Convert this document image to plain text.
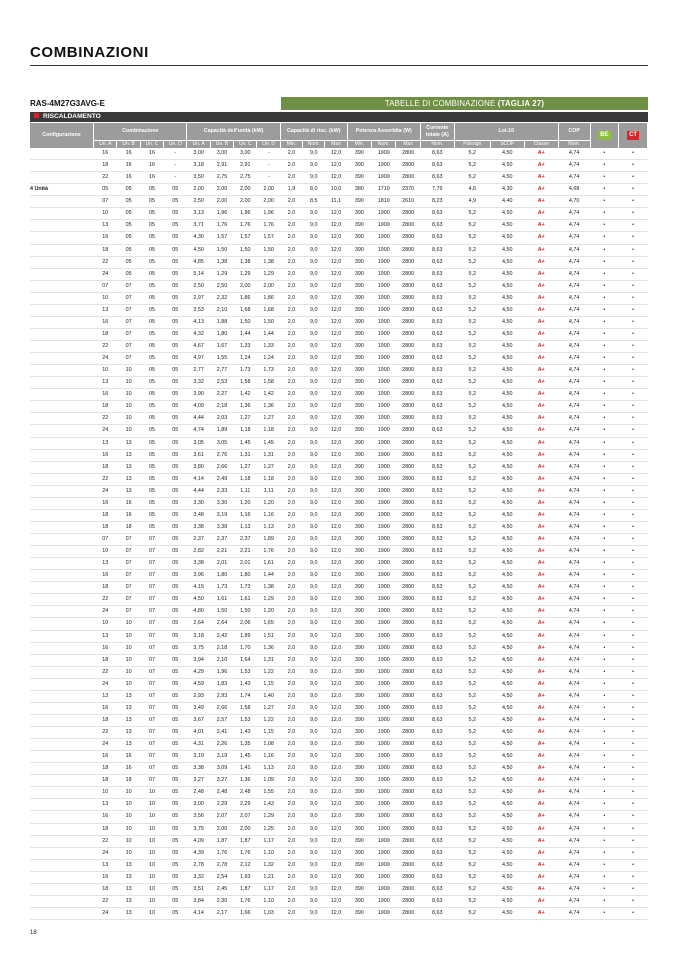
COMBINAZIONI
RAS-4M27G3AVG-E	TABELLE DI COMBINAZIONE (TAGLIA 27)
RISCALDAMENTO
Configurazione	Combinazione				Capacità dell'unità (kW)				Capacità di risc. (kW)			Potenza Assorbita (W)			Corrente totale (A)	Lot.10			COP	BE	CT
	Un. A	Un. B	Un. C	Un. D	Un. A	Un. B	Un. C	Un. D	Min.	Nom.	Max	Min.	Nom.	Max	Nom.	Pdesign	SCOP	Classe	Nom.		
	16	16	16	-	3,00	3,00	3,00	-	2,0	9,0	12,0	390	1900	2800	8,63	5,2	4,50	A+	4,74	•	•
	18	16	16	-	3,18	2,91	2,91	-	2,0	9,0	12,0	390	1900	2800	8,63	5,2	4,50	A+	4,74	•	•
	22	16	16	-	3,50	2,75	2,75	-	2,0	9,0	12,0	390	1900	2800	8,63	5,2	4,50	A+	4,74	•	•
4 Unità	05	05	05	05	2,00	2,00	2,00	2,00	1,9	8,0	10,0	380	1710	2370	7,79	4,6	4,30	A+	4,68	•	•
	07	05	05	05	2,50	2,00	2,00	2,00	2,0	8,5	11,1	390	1810	2610	8,23	4,9	4,40	A+	4,70	•	•
	10	05	05	05	3,13	1,96	1,96	1,96	2,0	9,0	12,0	390	1900	2800	8,63	5,2	4,50	A+	4,74	•	•
	13	05	05	05	3,71	1,76	1,76	1,76	2,0	9,0	12,0	390	1900	2800	8,63	5,2	4,50	A+	4,74	•	•
	16	05	05	05	4,30	1,57	1,57	1,57	2,0	9,0	12,0	390	1900	2800	8,63	5,2	4,50	A+	4,74	•	•
	18	05	05	05	4,50	1,50	1,50	1,50	2,0	9,0	12,0	390	1900	2800	8,63	5,2	4,50	A+	4,74	•	•
	22	05	05	05	4,85	1,38	1,38	1,38	2,0	9,0	12,0	390	1900	2800	8,63	5,2	4,50	A+	4,74	•	•
	24	05	05	05	5,14	1,29	1,29	1,29	2,0	9,0	12,0	390	1900	2800	8,63	5,2	4,50	A+	4,74	•	•
	07	07	05	05	2,50	2,50	2,00	2,00	2,0	9,0	12,0	390	1900	2800	8,63	5,2	4,50	A+	4,74	•	•
	10	07	05	05	2,97	2,32	1,86	1,86	2,0	9,0	12,0	390	1900	2800	8,63	5,2	4,50	A+	4,74	•	•
	13	07	05	05	3,53	2,10	1,68	1,68	2,0	9,0	12,0	390	1900	2800	8,63	5,2	4,50	A+	4,74	•	•
	16	07	05	05	4,13	1,88	1,50	1,50	2,0	9,0	12,0	390	1900	2800	8,63	5,2	4,50	A+	4,74	•	•
	18	07	05	05	4,32	1,80	1,44	1,44	2,0	9,0	12,0	390	1900	2800	8,63	5,2	4,50	A+	4,74	•	•
	22	07	05	05	4,67	1,67	1,33	1,33	2,0	9,0	12,0	390	1900	2800	8,63	5,2	4,50	A+	4,74	•	•
	24	07	05	05	4,97	1,55	1,24	1,24	2,0	9,0	12,0	390	1900	2800	8,63	5,2	4,50	A+	4,74	•	•
	10	10	05	05	2,77	2,77	1,73	1,73	2,0	9,0	12,0	390	1900	2800	8,63	5,2	4,50	A+	4,74	•	•
	13	10	05	05	3,32	2,53	1,58	1,58	2,0	9,0	12,0	390	1900	2800	8,63	5,2	4,50	A+	4,74	•	•
	16	10	05	05	3,90	2,27	1,42	1,42	2,0	9,0	12,0	390	1900	2800	8,63	5,2	4,50	A+	4,74	•	•
	18	10	05	05	4,09	2,18	1,36	1,36	2,0	9,0	12,0	390	1900	2800	8,63	5,2	4,50	A+	4,74	•	•
	22	10	05	05	4,44	2,03	1,27	1,27	2,0	9,0	12,0	390	1900	2800	8,63	5,2	4,50	A+	4,74	•	•
	24	10	05	05	4,74	1,89	1,18	1,18	2,0	9,0	12,0	390	1900	2800	8,63	5,2	4,50	A+	4,74	•	•
	13	13	05	05	3,05	3,05	1,45	1,45	2,0	9,0	12,0	390	1900	2800	8,63	5,2	4,50	A+	4,74	•	•
	16	13	05	05	3,61	2,76	1,31	1,31	2,0	9,0	12,0	390	1900	2800	8,63	5,2	4,50	A+	4,74	•	•
	18	13	05	05	3,80	2,66	1,27	1,27	2,0	9,0	12,0	390	1900	2800	8,63	5,2	4,50	A+	4,74	•	•
	22	13	05	05	4,14	2,49	1,18	1,18	2,0	9,0	12,0	390	1900	2800	8,63	5,2	4,50	A+	4,74	•	•
	24	13	05	05	4,44	2,33	1,11	1,11	2,0	9,0	12,0	390	1900	2800	8,63	5,2	4,50	A+	4,74	•	•
	16	16	05	05	3,30	3,30	1,20	1,20	2,0	9,0	12,0	390	1900	2800	8,63	5,2	4,50	A+	4,74	•	•
	18	16	05	05	3,48	3,19	1,16	1,16	2,0	9,0	12,0	390	1900	2800	8,63	5,2	4,50	A+	4,74	•	•
	18	18	05	05	3,38	3,38	1,13	1,13	2,0	9,0	12,0	390	1900	2800	8,63	5,2	4,50	A+	4,74	•	•
	07	07	07	05	2,37	2,37	2,37	1,89	2,0	9,0	12,0	390	1900	2800	8,63	5,2	4,50	A+	4,74	•	•
	10	07	07	05	2,82	2,21	2,21	1,76	2,0	9,0	12,0	390	1900	2800	8,63	5,2	4,50	A+	4,74	•	•
	13	07	07	05	3,38	2,01	2,01	1,61	2,0	9,0	12,0	390	1900	2800	8,63	5,2	4,50	A+	4,74	•	•
	16	07	07	05	3,96	1,80	1,80	1,44	2,0	9,0	12,0	390	1900	2800	8,63	5,2	4,50	A+	4,74	•	•
	18	07	07	05	4,15	1,73	1,73	1,38	2,0	9,0	12,0	390	1900	2800	8,63	5,2	4,50	A+	4,74	•	•
	22	07	07	05	4,50	1,61	1,61	1,29	2,0	9,0	12,0	390	1900	2800	8,63	5,2	4,50	A+	4,74	•	•
	24	07	07	05	4,80	1,50	1,50	1,20	2,0	9,0	12,0	390	1900	2800	8,63	5,2	4,50	A+	4,74	•	•
	10	10	07	05	2,64	2,64	2,06	1,65	2,0	9,0	12,0	390	1900	2800	8,63	5,2	4,50	A+	4,74	•	•
	13	10	07	05	3,18	2,42	1,89	1,51	2,0	9,0	12,0	390	1900	2800	8,63	5,2	4,50	A+	4,74	•	•
	16	10	07	05	3,75	2,18	1,70	1,36	2,0	9,0	12,0	390	1900	2800	8,63	5,2	4,50	A+	4,74	•	•
	18	10	07	05	3,94	2,10	1,64	1,31	2,0	9,0	12,0	390	1900	2800	8,63	5,2	4,50	A+	4,74	•	•
	22	10	07	05	4,29	1,96	1,53	1,22	2,0	9,0	12,0	390	1900	2800	8,63	5,2	4,50	A+	4,74	•	•
	24	10	07	05	4,59	1,83	1,43	1,15	2,0	9,0	12,0	390	1900	2800	8,63	5,2	4,50	A+	4,74	•	•
	13	13	07	05	2,93	2,93	1,74	1,40	2,0	9,0	12,0	390	1900	2800	8,63	5,2	4,50	A+	4,74	•	•
	16	13	07	05	3,49	2,66	1,58	1,27	2,0	9,0	12,0	390	1900	2800	8,63	5,2	4,50	A+	4,74	•	•
	18	13	07	05	3,67	2,57	1,53	1,22	2,0	9,0	12,0	390	1900	2800	8,63	5,2	4,50	A+	4,74	•	•
	22	13	07	05	4,01	2,41	1,43	1,15	2,0	9,0	12,0	390	1900	2800	8,63	5,2	4,50	A+	4,74	•	•
	24	13	07	05	4,31	2,26	1,35	1,08	2,0	9,0	12,0	390	1900	2800	8,63	5,2	4,50	A+	4,74	•	•
	16	16	07	05	3,19	3,19	1,45	1,16	2,0	9,0	12,0	390	1900	2800	8,63	5,2	4,50	A+	4,74	•	•
	18	16	07	05	3,38	3,09	1,41	1,13	2,0	9,0	12,0	390	1900	2800	8,63	5,2	4,50	A+	4,74	•	•
	18	18	07	05	3,27	3,27	1,36	1,09	2,0	9,0	12,0	390	1900	2800	8,63	5,2	4,50	A+	4,74	•	•
	10	10	10	05	2,48	2,48	2,48	1,55	2,0	9,0	12,0	390	1900	2800	8,63	5,2	4,50	A+	4,74	•	•
	13	10	10	05	3,00	2,29	2,29	1,43	2,0	9,0	12,0	390	1900	2800	8,63	5,2	4,50	A+	4,74	•	•
	16	10	10	05	3,56	2,07	2,07	1,29	2,0	9,0	12,0	390	1900	2800	8,63	5,2	4,50	A+	4,74	•	•
	18	10	10	05	3,75	2,00	2,00	1,25	2,0	9,0	12,0	390	1900	2800	8,63	5,2	4,50	A+	4,74	•	•
	22	10	10	05	4,09	1,87	1,87	1,17	2,0	9,0	12,0	390	1900	2800	8,63	5,2	4,50	A+	4,74	•	•
	24	10	10	05	4,39	1,76	1,76	1,10	2,0	9,0	12,0	390	1900	2800	8,63	5,2	4,50	A+	4,74	•	•
	13	13	10	05	2,78	2,78	2,12	1,32	2,0	9,0	12,0	390	1900	2800	8,63	5,2	4,50	A+	4,74	•	•
	16	13	10	05	3,32	2,54	1,93	1,21	2,0	9,0	12,0	390	1900	2800	8,63	5,2	4,50	A+	4,74	•	•
	18	13	10	05	3,51	2,45	1,87	1,17	2,0	9,0	12,0	390	1900	2800	8,63	5,2	4,50	A+	4,74	•	•
	22	13	10	05	3,84	2,30	1,76	1,10	2,0	9,0	12,0	390	1900	2800	8,63	5,2	4,50	A+	4,74	•	•
	24	13	10	05	4,14	2,17	1,66	1,03	2,0	9,0	12,0	390	1900	2800	8,63	5,2	4,50	A+	4,74	•	•
18
